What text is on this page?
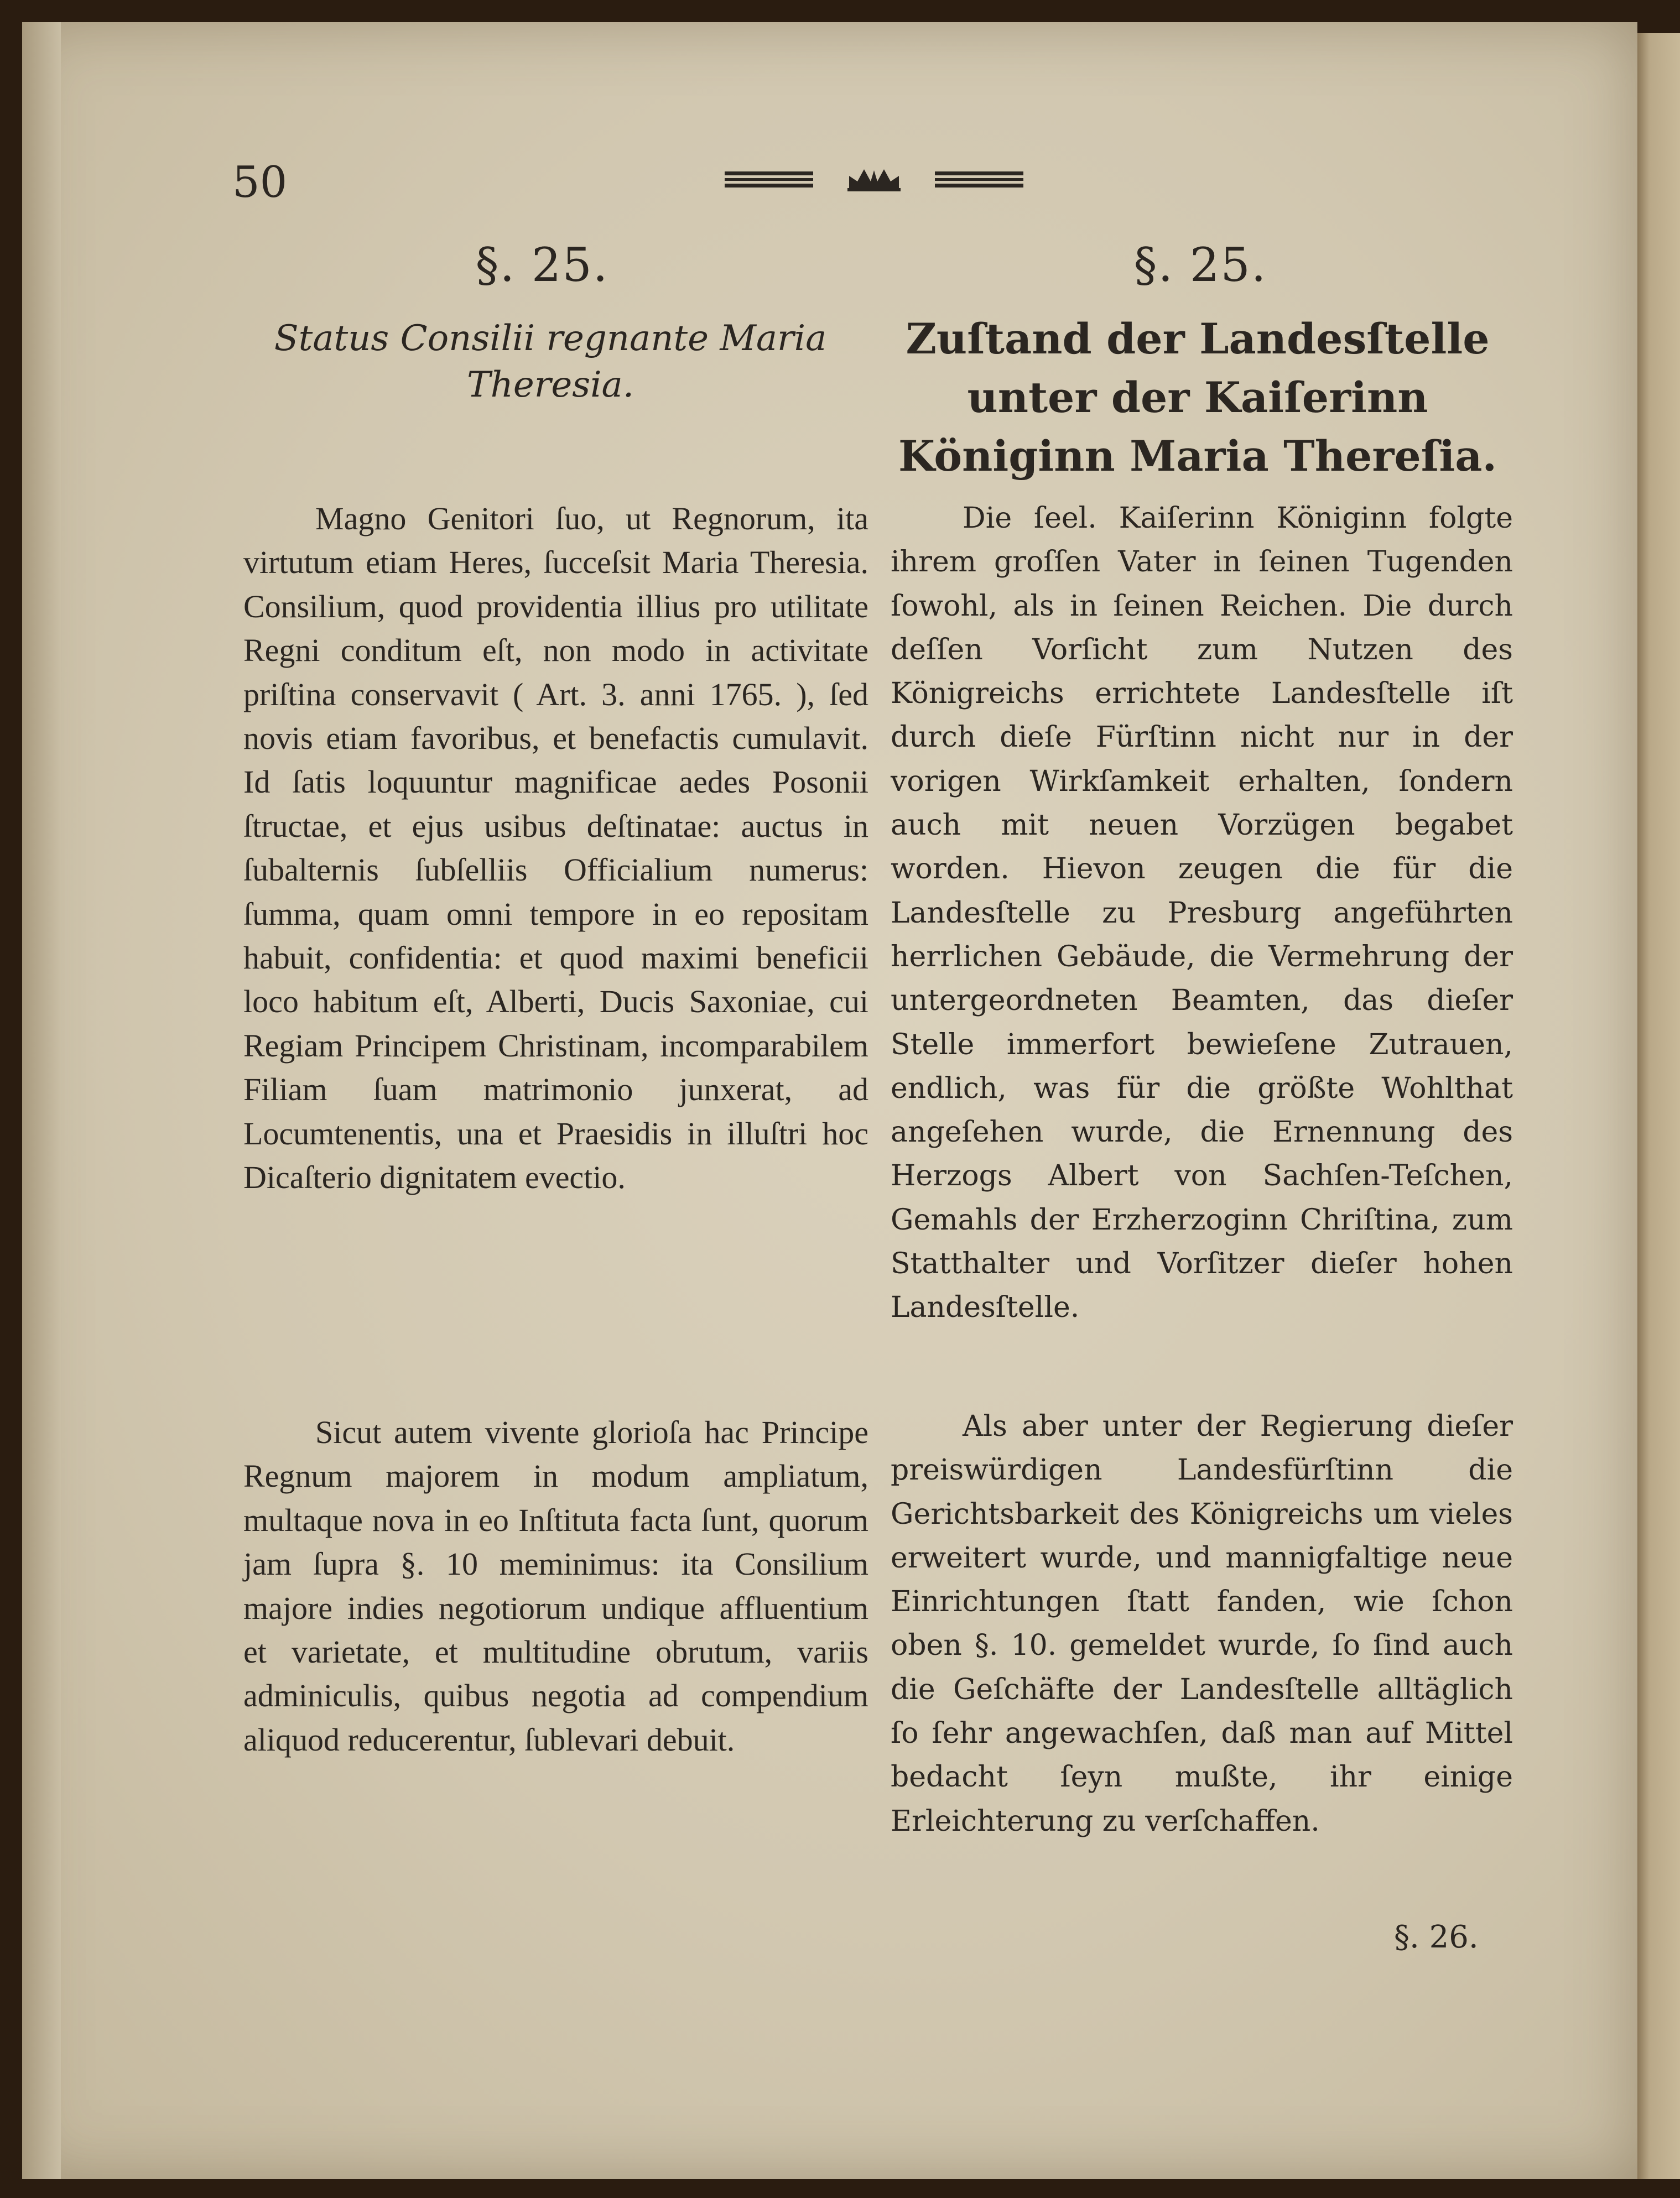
50
§. 25.	§. 25.
Status Consilii regnante Maria Theresia.
Zuſtand der Landesſtelle unter der Kaiſerinn Königinn Maria Thereſia.
Magno Genitori ſuo, ut Regnorum, ita virtutum etiam Heres, ſucceſsit Maria Theresia. Consilium, quod providentia illius pro utilitate Regni conditum eſt, non modo in activitate priſtina conservavit ( Art. 3. anni 1765. ), ſed novis etiam favoribus, et benefactis cumulavit. Id ſatis loquuntur magnificae aedes Posonii ſtructae, et ejus usibus deſtinatae: auctus in ſubalternis ſubſelliis Officialium numerus: ſumma, quam omni tempore in eo repositam habuit, confidentia: et quod maximi beneficii loco habitum eſt, Alberti, Ducis Saxoniae, cui Regiam Principem Christinam, incomparabilem Filiam ſuam matrimonio junxerat, ad Locumtenentis, una et Praesidis in illuſtri hoc Dicaſterio dignitatem evectio.
Sicut autem vivente glorioſa hac Principe Regnum majorem in modum ampliatum, multaque nova in eo Inſtituta facta ſunt, quorum jam ſupra §. 10 meminimus: ita Consilium majore indies negotiorum undique affluentium et varietate, et multitudine obrutum, variis adminiculis, quibus negotia ad compendium aliquod reducerentur, ſublevari debuit.
Die ſeel. Kaiſerinn Königinn folgte ihrem groſſen Vater in ſeinen Tugenden ſowohl, als in ſeinen Reichen. Die durch deſſen Vorſicht zum Nutzen des Königreichs errichtete Landesſtelle iſt durch dieſe Fürſtinn nicht nur in der vorigen Wirkſamkeit erhalten, ſondern auch mit neuen Vorzügen begabet worden. Hievon zeugen die für die Landesſtelle zu Presburg angeführten herrlichen Gebäude, die Vermehrung der untergeordneten Beamten, das dieſer Stelle immerfort bewieſene Zutrauen, endlich, was für die größte Wohlthat angeſehen wurde, die Ernennung des Herzogs Albert von Sachſen-Teſchen, Gemahls der Erzherzoginn Chriſtina, zum Statthalter und Vorſitzer dieſer hohen Landesſtelle.
Als aber unter der Regierung dieſer preiswürdigen Landesfürſtinn die Gerichtsbarkeit des Königreichs um vieles erweitert wurde, und mannigfaltige neue Einrichtungen ſtatt fanden, wie ſchon oben §. 10. gemeldet wurde, ſo ſind auch die Geſchäfte der Landesſtelle alltäglich ſo ſehr angewachſen, daß man auf Mittel bedacht ſeyn mußte, ihr einige Erleichterung zu verſchaffen.
§. 26.
